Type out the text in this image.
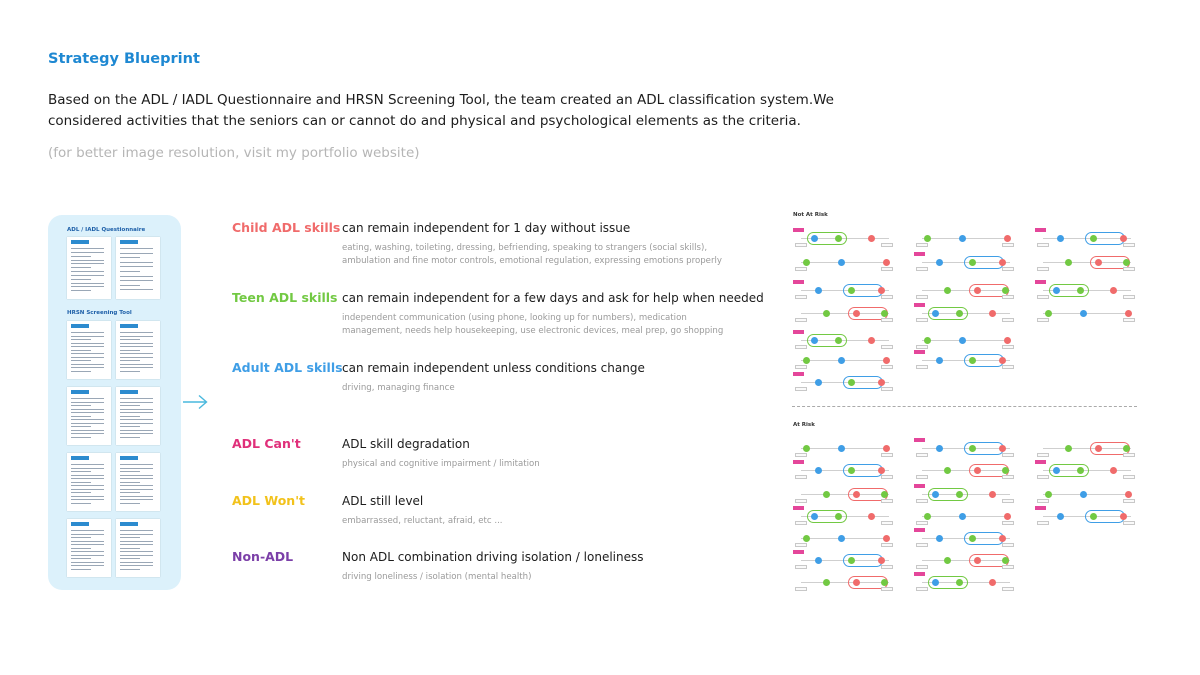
Strategy Blueprint
Based on the ADL / IADL Questionnaire and HRSN Screening Tool, the team created an ADL classification system.We
considered activities that the seniors can or cannot do and physical and psychological elements as the criteria.
(for better image resolution, visit my portfolio website)
ADL / IADL Questionnaire
HRSN Screening Tool
Child ADL skills can remain independent for 1 day without issue
eating, washing, toileting, dressing, befriending, speaking to strangers (social skills),
ambulation and fine motor controls, emotional regulation, expressing emotions properly
Teen ADL skills can remain independent for a few days and ask for help when needed
independent communication (using phone, looking up for numbers), medication
management, needs help housekeeping, use electronic devices, meal prep, go shopping
Adult ADL skills can remain independent unless conditions change
driving, managing finance
ADL Can't	ADL skill degradation
physical and cognitive impairment / limitation
ADL Won't	ADL still level
embarrassed, reluctant, afraid, etc ...
Non-ADL	Non ADL combination driving isolation / loneliness
driving loneliness / isolation (mental health)
Not At Risk
At Risk
